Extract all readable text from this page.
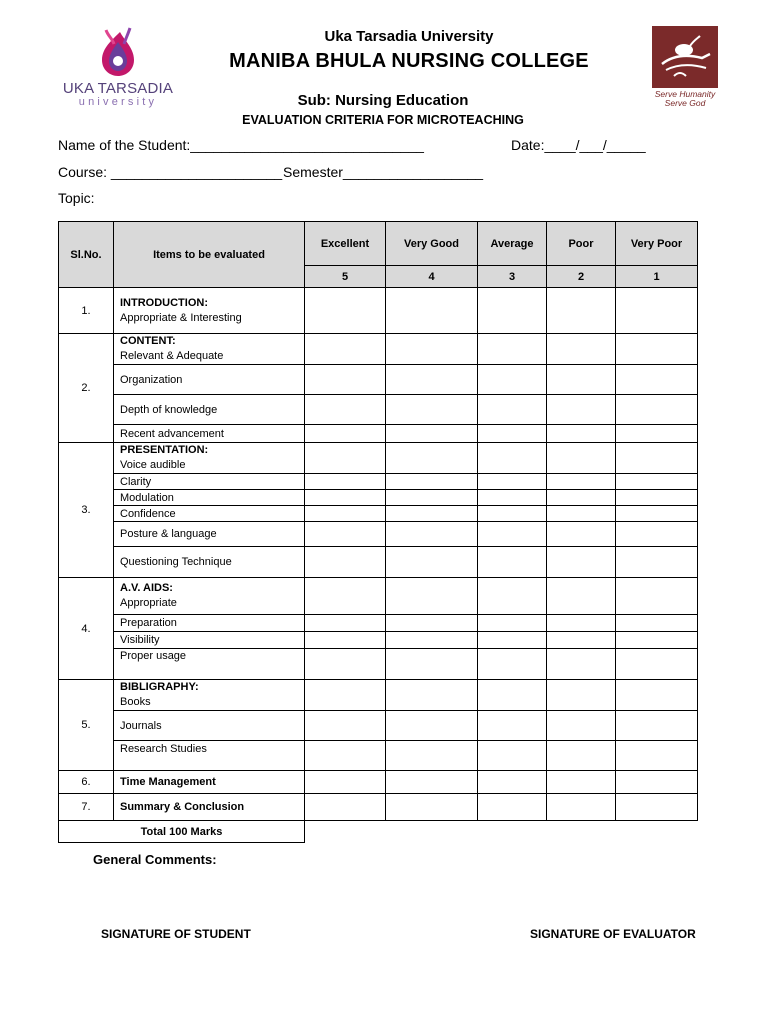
UKA TARSADIA
university
Serve Humanity
Serve God
Uka Tarsadia University
MANIBA BHULA NURSING COLLEGE
Sub: Nursing Education
EVALUATION CRITERIA FOR MICROTEACHING
Name of the Student:______________________________	Date:____/___/_____
Course: ______________________ Semester__________________
Topic:
Sl.No.	Items to be evaluated	Excellent	Very Good	Average	Poor	Very Poor
		5	4	3	2	1
1.	INTRODUCTION:
Appropriate & Interesting					

2.	CONTENT:
Relevant & Adequate					

	Organization					
	Depth of knowledge					
	Recent advancement					
3.	PRESENTATION:
Voice audible					

	Clarity					
	Modulation					
	Confidence					
	Posture & language					
	Questioning Technique					
4.	A.V. AIDS:
Appropriate					

	Preparation					
	Visibility					
	Proper usage					
5.	BIBLIGRAPHY:
Books					

	Journals					
	Research Studies					
6.	Time Management					
7.	Summary & Conclusion					
Total 100 Marks						
General Comments:
SIGNATURE OF STUDENT	SIGNATURE OF EVALUATOR
